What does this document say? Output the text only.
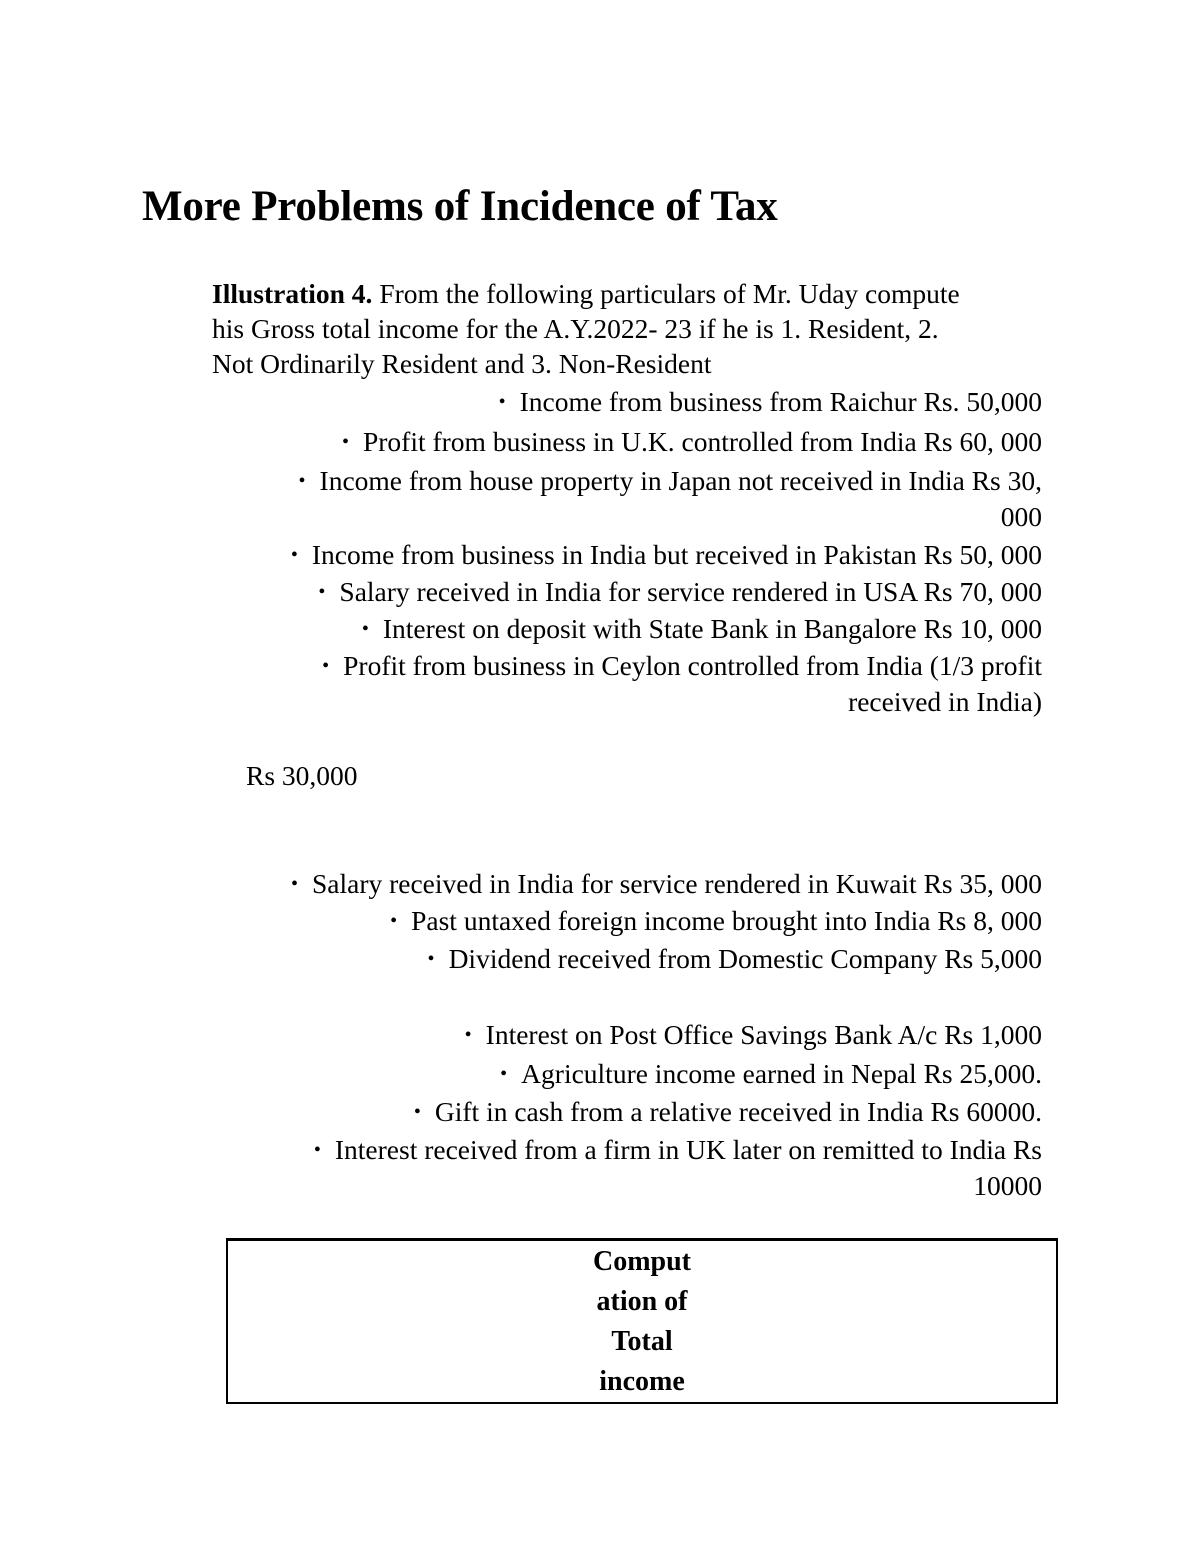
More Problems of Incidence of Tax
Illustration 4. From the following particulars of Mr. Uday compute his Gross total income for the A.Y.2022- 23 if he is 1. Resident, 2. Not Ordinarily Resident and 3. Non-Resident
• Income from business from Raichur Rs. 50,000
• Profit from business in U.K. controlled from India Rs 60, 000
• Income from house property in Japan not received in India Rs 30,
000
• Income from business in India but received in Pakistan Rs 50, 000
• Salary received in India for service rendered in USA Rs 70, 000
• Interest on deposit with State Bank in Bangalore Rs 10, 000
• Profit from business in Ceylon controlled from India (1/3 profit
received in India)
Rs 30,000
• Salary received in India for service rendered in Kuwait Rs 35, 000
• Past untaxed foreign income brought into India Rs 8, 000
• Dividend received from Domestic Company Rs 5,000
• Interest on Post Office Savings Bank A/c Rs 1,000
• Agriculture income earned in Nepal Rs 25,000.
• Gift in cash from a relative received in India Rs 60000.
• Interest received from a firm in UK later on remitted to India Rs
10000
Comput
ation of
Total
income
